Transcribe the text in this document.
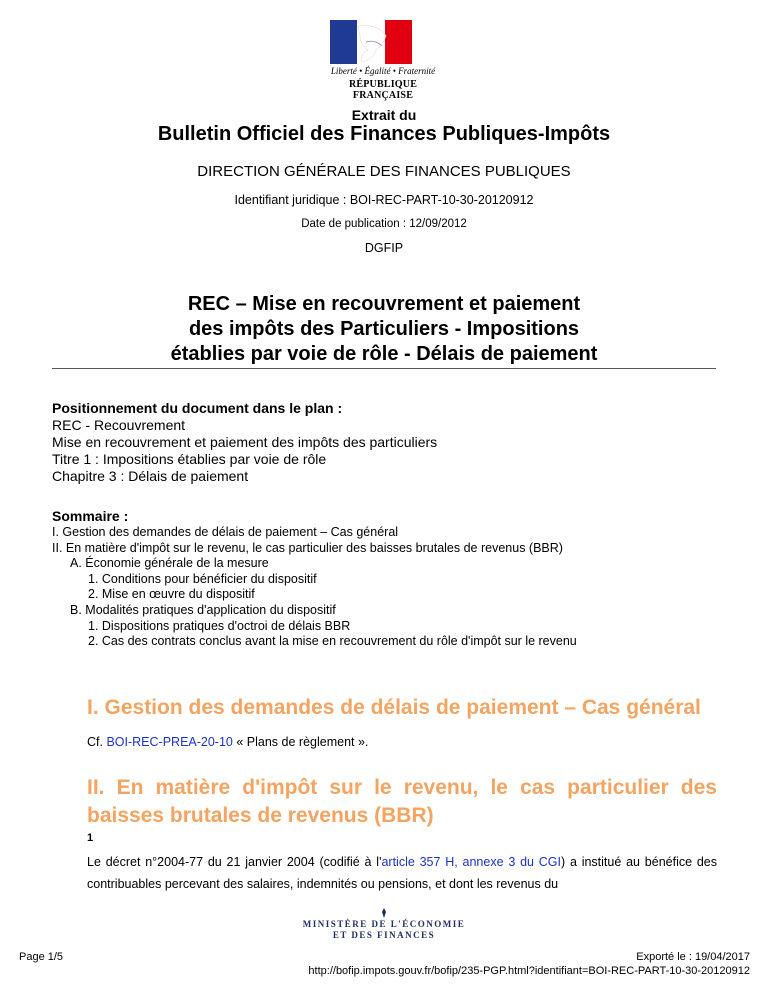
Liberté • Égalité • Fraternité
RÉPUBLIQUE FRANÇAISE
Extrait du
Bulletin Officiel des Finances Publiques-Impôts
DIRECTION GÉNÉRALE DES FINANCES PUBLIQUES
Identifiant juridique : BOI-REC-PART-10-30-20120912
Date de publication : 12/09/2012
DGFIP
REC – Mise en recouvrement et paiement
des impôts des Particuliers - Impositions
établies par voie de rôle - Délais de paiement
Positionnement du document dans le plan :
REC - Recouvrement
Mise en recouvrement et paiement des impôts des particuliers
Titre 1 : Impositions établies par voie de rôle
Chapitre 3 : Délais de paiement
Sommaire :
I. Gestion des demandes de délais de paiement – Cas général
II. En matière d'impôt sur le revenu, le cas particulier des baisses brutales de revenus (BBR)
A. Économie générale de la mesure
1. Conditions pour bénéficier du dispositif
2. Mise en œuvre du dispositif
B. Modalités pratiques d'application du dispositif
1. Dispositions pratiques d'octroi de délais BBR
2. Cas des contrats conclus avant la mise en recouvrement du rôle d'impôt sur le revenu
I. Gestion des demandes de délais de paiement – Cas général
Cf. BOI-REC-PREA-20-10 « Plans de règlement ».
II. En matière d'impôt sur le revenu, le cas particulier des baisses brutales de revenus (BBR)
1
Le décret n°2004-77 du 21 janvier 2004 (codifié à l'article 357 H, annexe 3 du CGI) a institué au bénéfice des contribuables percevant des salaires, indemnités ou pensions, et dont les revenus du
MINISTÈRE DE L'ÉCONOMIE
ET DES FINANCES
Page 1/5	Exporté le : 19/04/2017
http://bofip.impots.gouv.fr/bofip/235-PGP.html?identifiant=BOI-REC-PART-10-30-20120912
